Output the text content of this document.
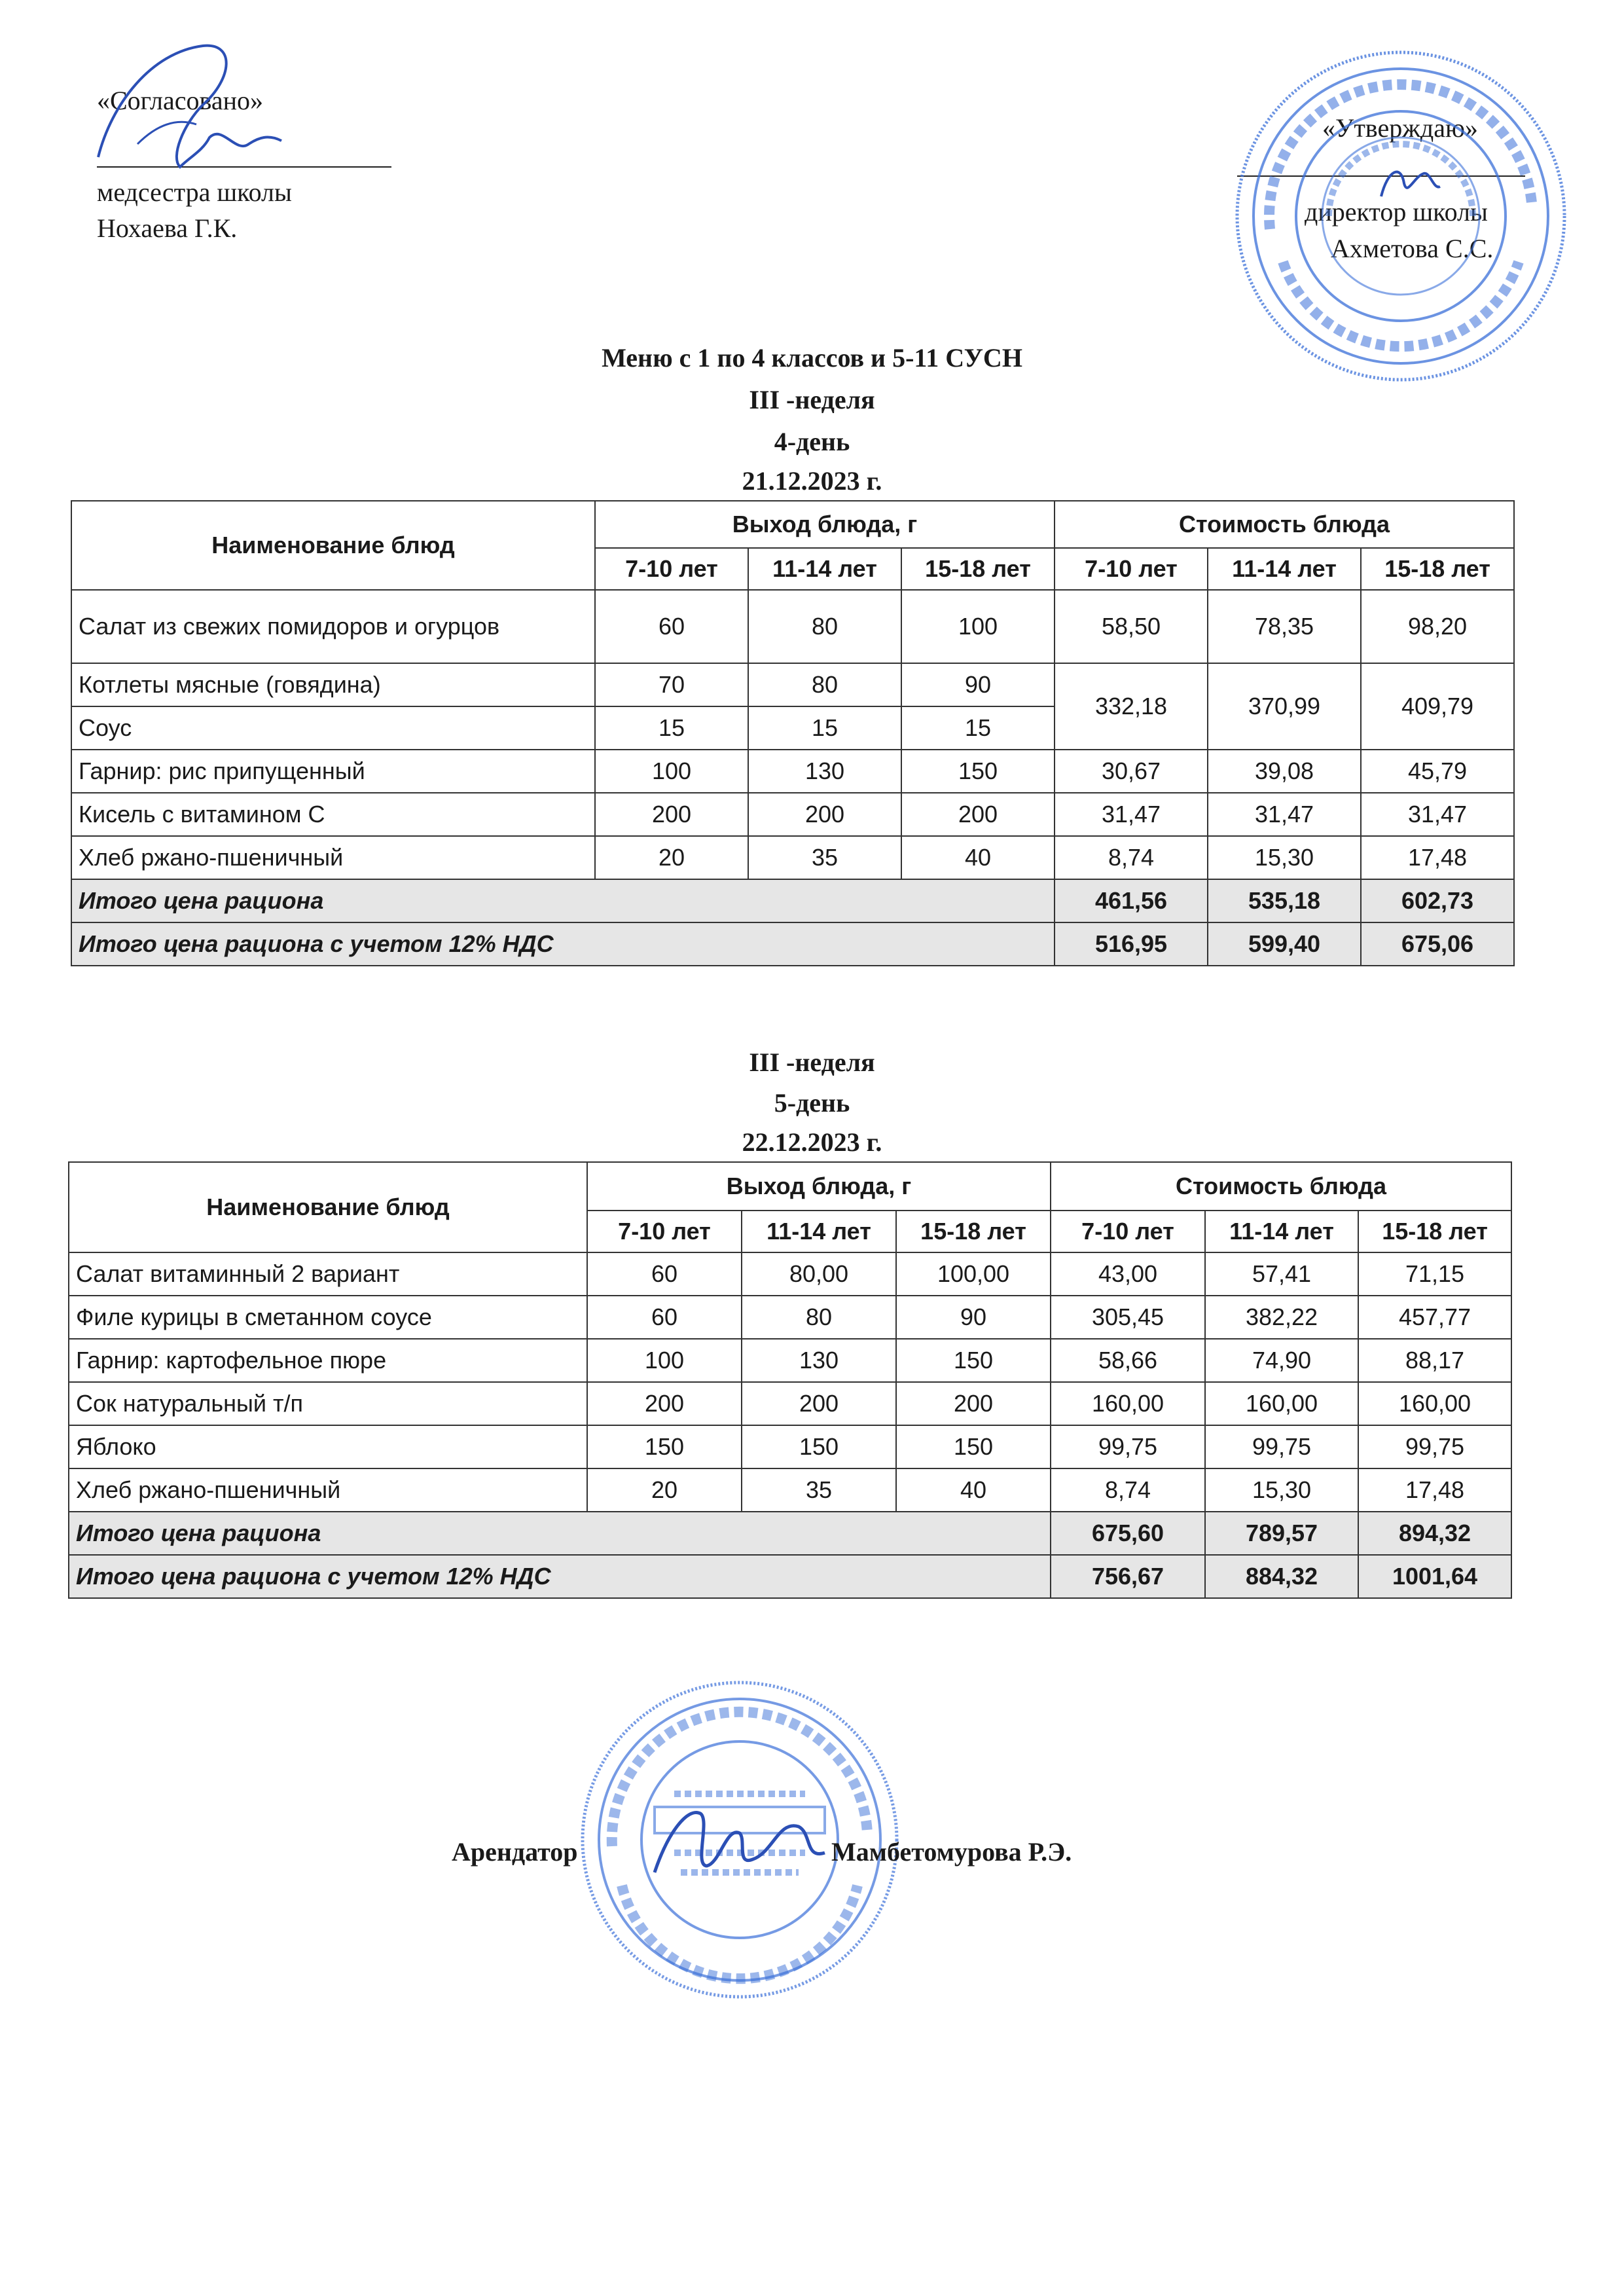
«Согласовано»
медсестра школы
Нохаева Г.К.
«Утверждаю»
директор школы
Ахметова С.С.
Меню с 1 по 4 классов и 5-11 СУСН
III -неделя
4-день
21.12.2023 г.
Наименование блюд	Выход блюда, г			Стоимость блюда		
	7-10 лет	11-14 лет	15-18 лет	7-10 лет	11-14 лет	15-18 лет
Салат из свежих помидоров и огурцов	60	80	100	58,50	78,35	98,20
Котлеты мясные (говядина)	70	80	90	332,18	370,99	409,79
Соус	15	15	15			
Гарнир: рис припущенный	100	130	150	30,67	39,08	45,79
Кисель с витамином С	200	200	200	31,47	31,47	31,47
Хлеб ржано-пшеничный	20	35	40	8,74	15,30	17,48
Итого цена рациона				461,56	535,18	602,73
Итого цена рациона с учетом 12% НДС				516,95	599,40	675,06
III -неделя
5-день
22.12.2023 г.
Наименование блюд	Выход блюда, г			Стоимость блюда		
	7-10 лет	11-14 лет	15-18 лет	7-10 лет	11-14 лет	15-18 лет
Салат витаминный 2 вариант	60	80,00	100,00	43,00	57,41	71,15
Филе курицы в сметанном соусе	60	80	90	305,45	382,22	457,77
Гарнир: картофельное пюре	100	130	150	58,66	74,90	88,17
Сок натуральный т/п	200	200	200	160,00	160,00	160,00
Яблоко	150	150	150	99,75	99,75	99,75
Хлеб ржано-пшеничный	20	35	40	8,74	15,30	17,48
Итого цена рациона				675,60	789,57	894,32
Итого цена рациона с учетом 12% НДС				756,67	884,32	1001,64
Арендатор	Мамбетомурова Р.Э.
